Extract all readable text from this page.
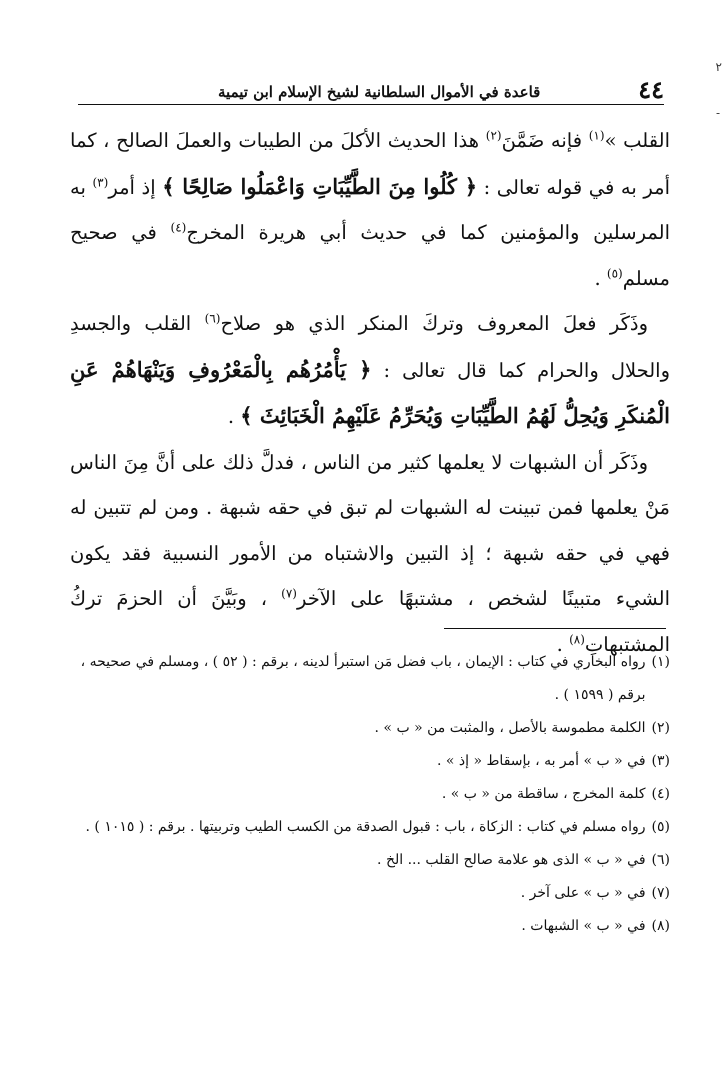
٢
-
٤٤
قاعدة في الأموال السلطانية لشيخ الإسلام ابن تيمية

القلب »$^{(١)}$ فإنه ضَمَّنَ$^{(٢)}$ هذا الحديث الأكلَ من الطيبات والعملَ الصالح ، كما أمر به في قوله تعالى : ﴿ كُلُوا مِنَ الطَّيِّبَاتِ وَاعْمَلُوا صَالِحًا ﴾ إذ أمر$^{(٣)}$ به المرسلين والمؤمنين كما في حديث أبي هريرة المخرج$^{(٤)}$ في صحيح مسلم$^{(٥)}$ .

وذَكَر فعلَ المعروف وتركَ المنكر الذي هو صلاح$^{(٦)}$ القلب والجسدِ والحلال والحرام كما قال تعالى : ﴿ يَأْمُرُهُم بِالْمَعْرُوفِ وَيَنْهَاهُمْ عَنِ الْمُنكَرِ وَيُحِلُّ لَهُمُ الطَّيِّبَاتِ وَيُحَرِّمُ عَلَيْهِمُ الْخَبَائِثَ ﴾ .

وذَكَر أن الشبهات لا يعلمها كثير من الناس ، فدلَّ ذلك على أنَّ مِنَ الناس مَنْ يعلمها فمن تبينت له الشبهات لم تبق في حقه شبهة . ومن لم تتبين له فهي في حقه شبهة ؛ إذ التبين والاشتباه من الأمور النسبية فقد يكون الشيء متبينًا لشخص ، مشتبهًا على الآخر$^{(٧)}$ ، وبَيَّنَ أن الحزمَ تركُ المشتبهاتِ$^{(٨)}$ .

(١)
رواه البخاري في كتاب : الإيمان ، باب فضل مَن استبرأ لدينه ، برقم : ( ٥٢ ) ، ومسلم في صحيحه ، برقم ( ١٥٩٩ ) .
(٢)
الكلمة مطموسة بالأصل ، والمثبت من « ب » .
(٣)
في « ب » أمر به ، بإسقاط « إذ » .
(٤)
كلمة المخرج ، ساقطة من « ب » .
(٥)
رواه مسلم في كتاب : الزكاة ، باب : قبول الصدقة من الكسب الطيب وتربيتها . برقم : ( ١٠١٥ ) .
(٦)
في « ب » الذى هو علامة صالح القلب ... الخ .
(٧)
في « ب » على آخر .
(٨)
في « ب » الشبهات .
